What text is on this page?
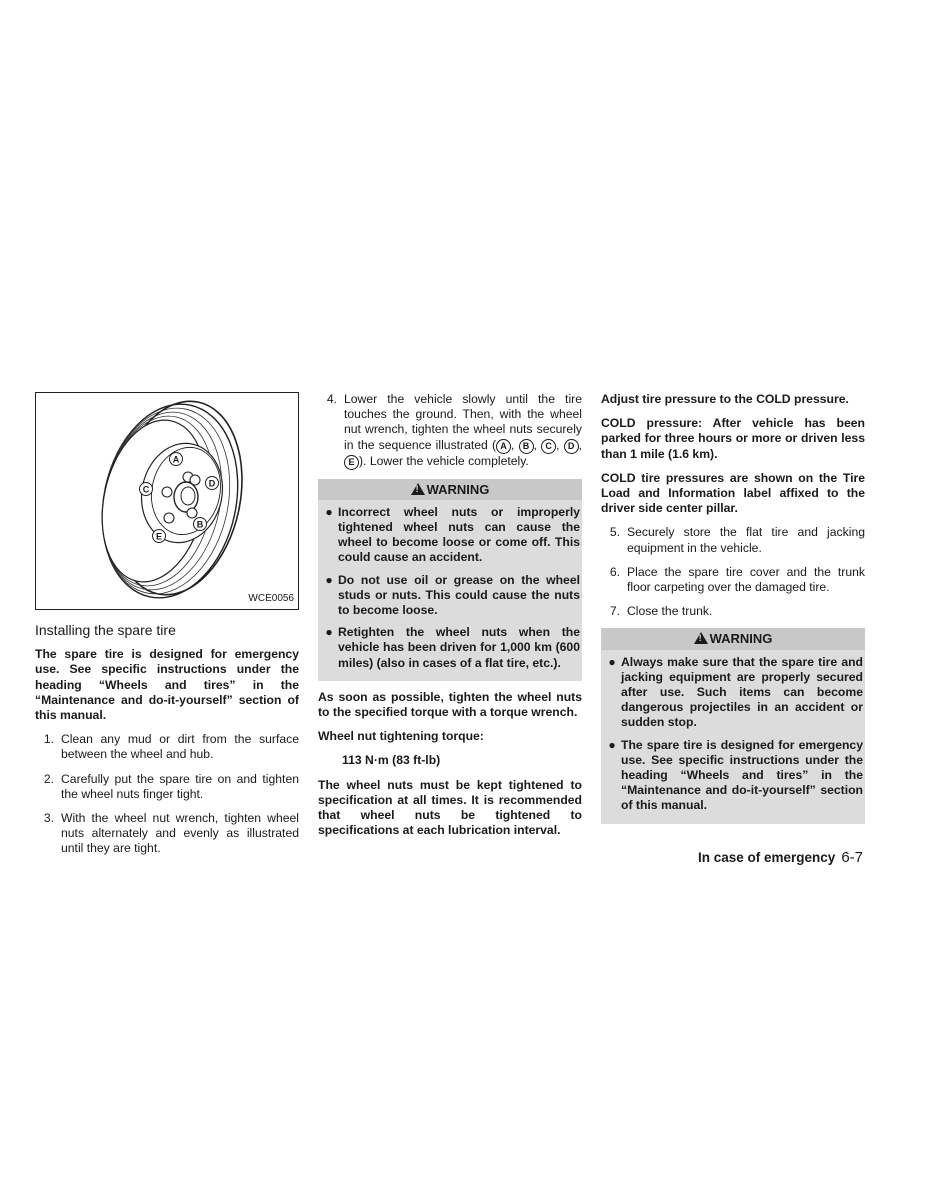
A
B
C
D
E
WCE0056
Installing the spare tire

The spare tire is designed for emergency use. See specific instructions under the heading “Wheels and tires” in the “Maintenance and do-it-yourself” section of this manual.

1. Clean any mud or dirt from the surface between the wheel and hub.
2. Carefully put the spare tire on and tighten the wheel nuts finger tight.
3. With the wheel nut wrench, tighten wheel nuts alternately and evenly as illustrated until they are tight.
4. Lower the vehicle slowly until the tire touches the ground. Then, with the wheel nut wrench, tighten the wheel nuts securely in the sequence illustrated ( A , B , C , D , E ). Lower the vehicle completely.
! WARNING
● Incorrect wheel nuts or improperly tightened wheel nuts can cause the wheel to become loose or come off. This could cause an accident.
● Do not use oil or grease on the wheel studs or nuts. This could cause the nuts to become loose.
● Retighten the wheel nuts when the vehicle has been driven for 1,000 km (600 miles) (also in cases of a flat tire, etc.).

As soon as possible, tighten the wheel nuts to the specified torque with a torque wrench.

Wheel nut tightening torque:

113 N·m (83 ft-lb)

The wheel nuts must be kept tightened to specification at all times. It is recommended that wheel nuts be tightened to specifications at each lubrication interval.

Adjust tire pressure to the COLD pressure.

COLD pressure: After vehicle has been parked for three hours or more or driven less than 1 mile (1.6 km).

COLD tire pressures are shown on the Tire Load and Information label affixed to the driver side center pillar.

5. Securely store the flat tire and jacking equipment in the vehicle.
6. Place the spare tire cover and the trunk floor carpeting over the damaged tire.
7. Close the trunk.
! WARNING
● Always make sure that the spare tire and jacking equipment are properly secured after use. Such items can become dangerous projectiles in an accident or sudden stop.
● The spare tire is designed for emergency use. See specific instructions under the heading “Wheels and tires” in the “Maintenance and do-it-yourself” section of this manual.
In case of emergency 6-7
